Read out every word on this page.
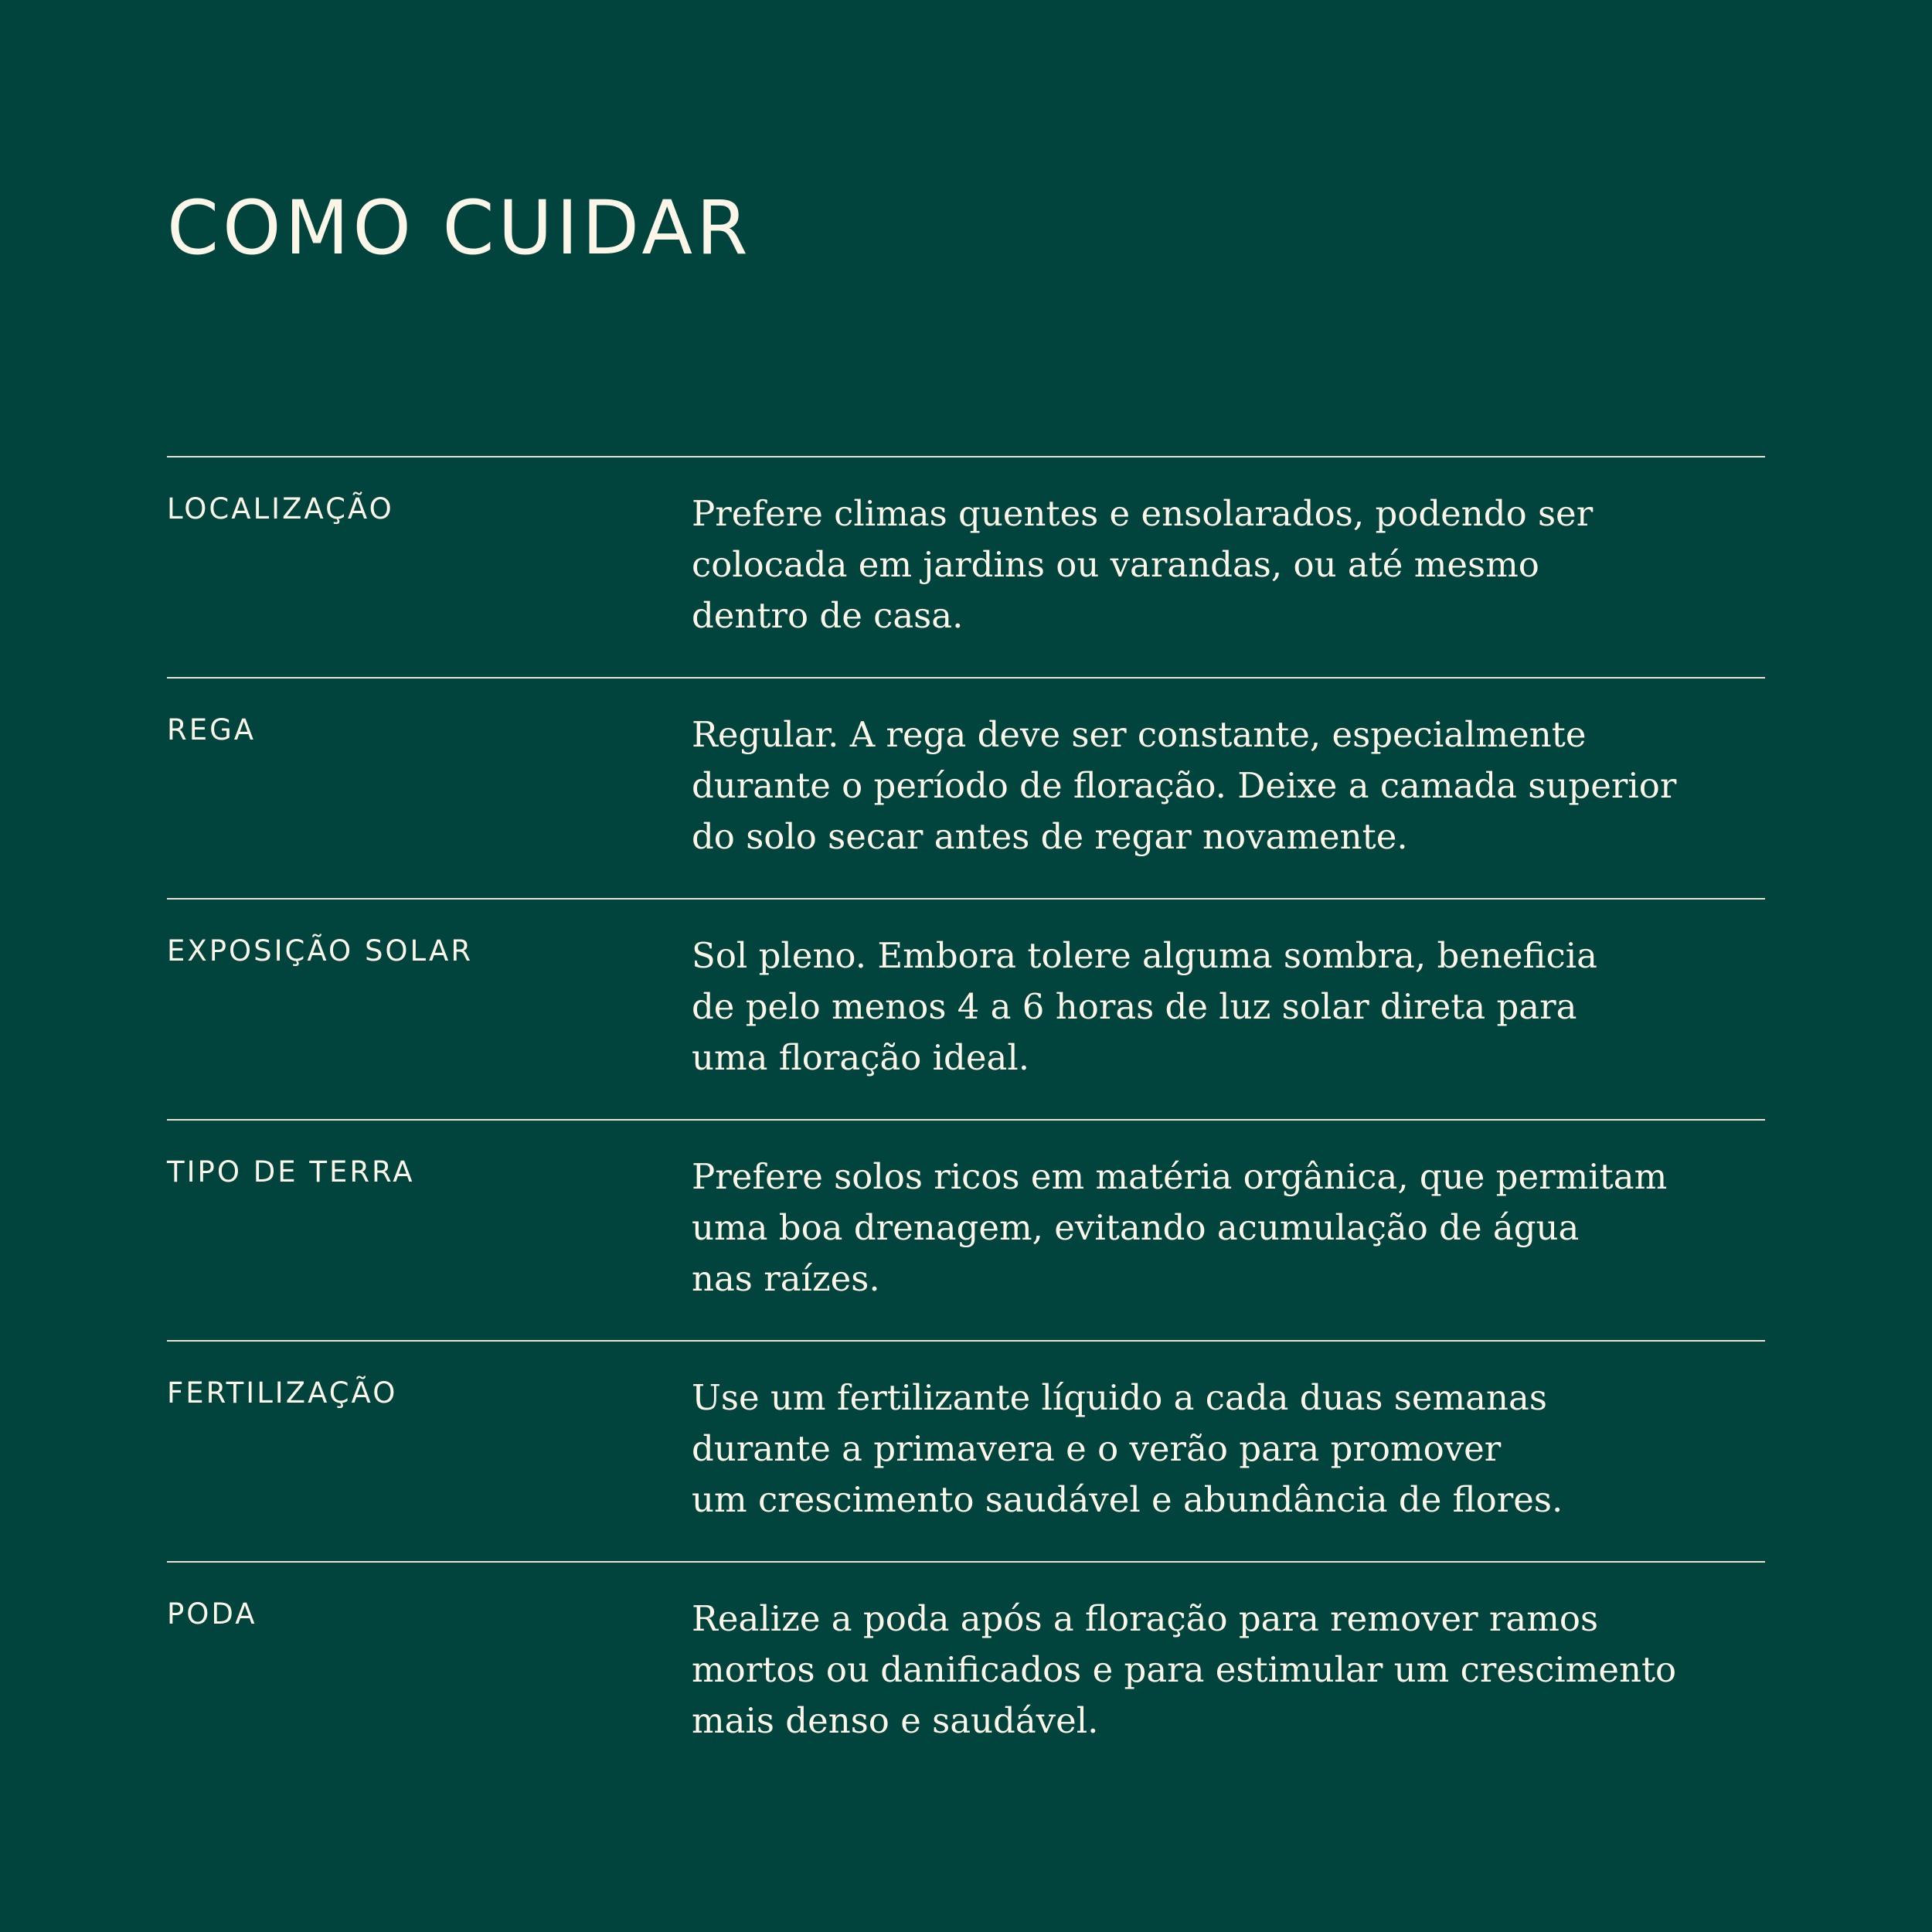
COMO CUIDAR
LOCALIZAÇÃO	Prefere climas quentes e ensolarados, podendo ser
colocada em jardins ou varandas, ou até mesmo
dentro de casa.
REGA	Regular. A rega deve ser constante, especialmente
durante o período de floração. Deixe a camada superior
do solo secar antes de regar novamente.
EXPOSIÇÃO SOLAR	Sol pleno. Embora tolere alguma sombra, beneficia
de pelo menos 4 a 6 horas de luz solar direta para
uma floração ideal.
TIPO DE TERRA	Prefere solos ricos em matéria orgânica, que permitam
uma boa drenagem, evitando acumulação de água
nas raízes.
FERTILIZAÇÃO	Use um fertilizante líquido a cada duas semanas
durante a primavera e o verão para promover
um crescimento saudável e abundância de flores.
PODA	Realize a poda após a floração para remover ramos
mortos ou danificados e para estimular um crescimento
mais denso e saudável.
